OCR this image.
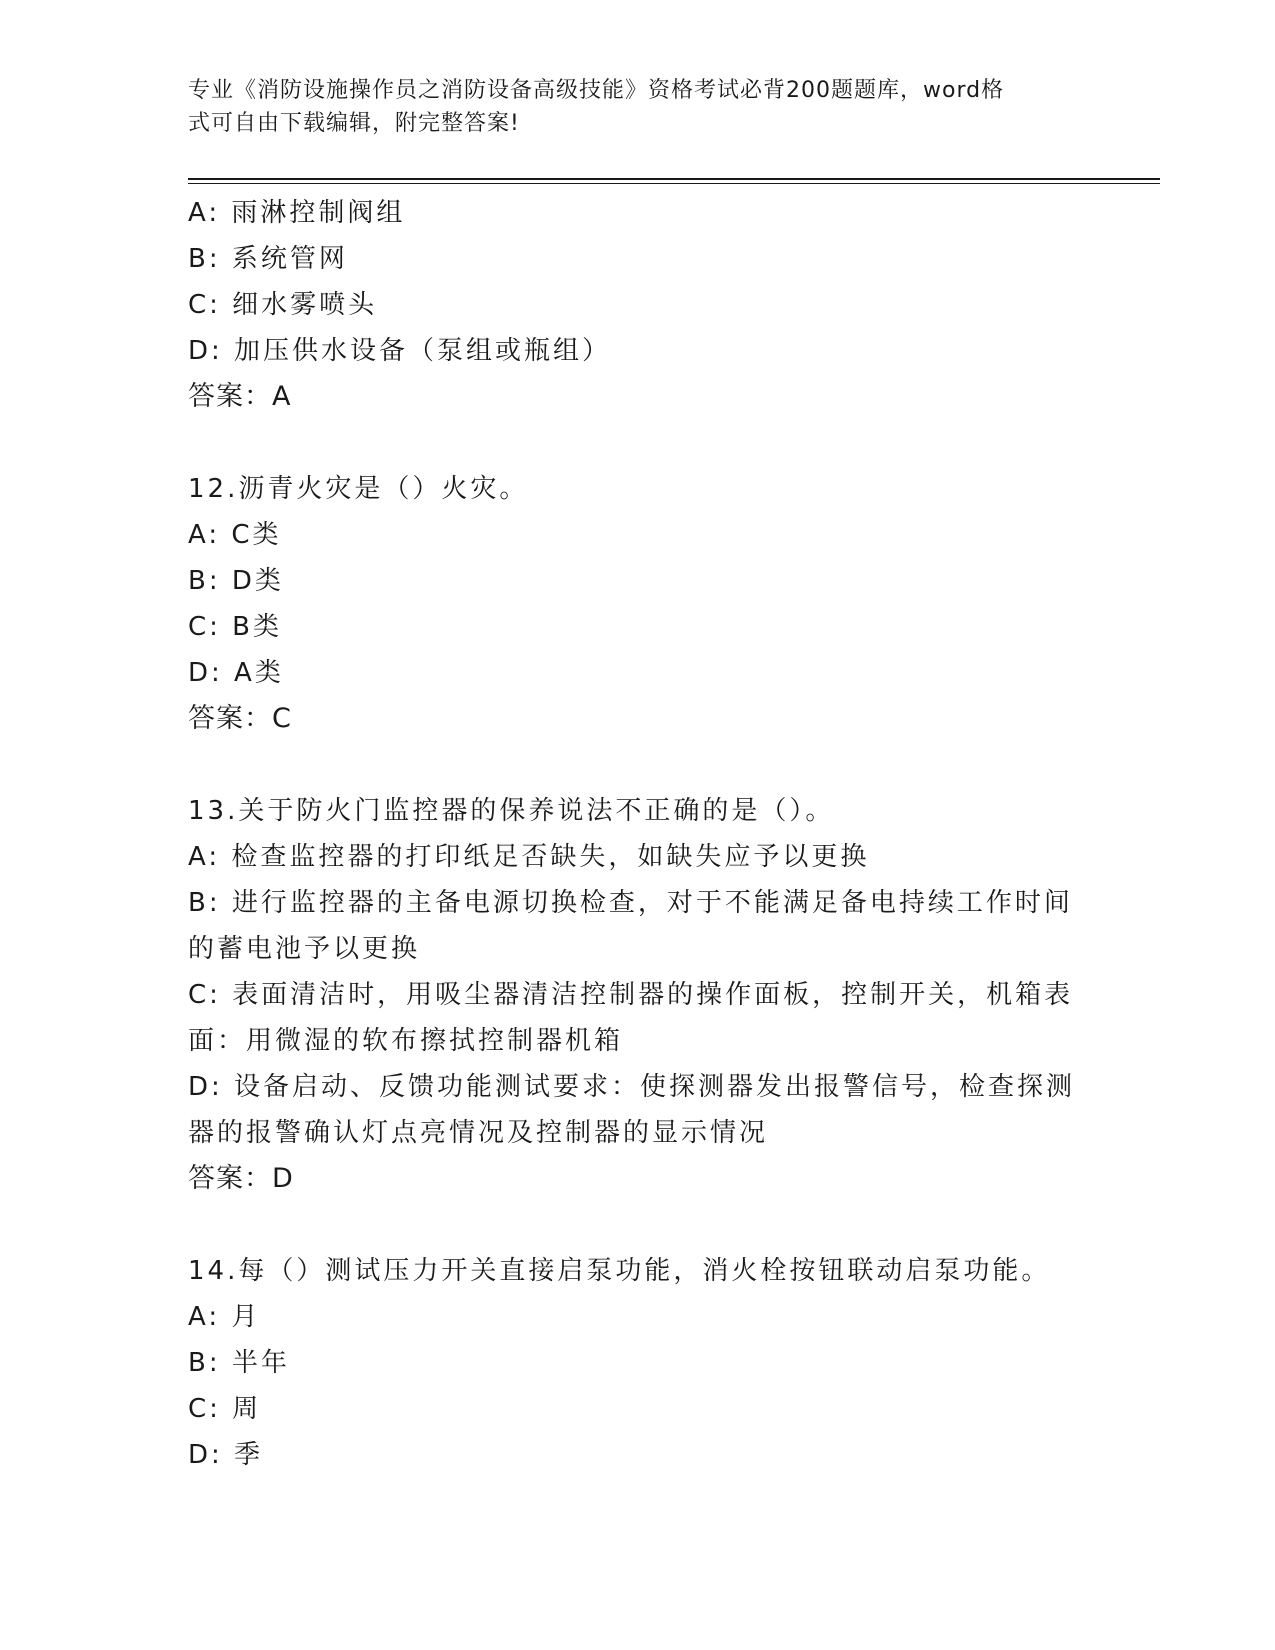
专业《消防设施操作员之消防设备高级技能》资格考试必背200题题库，word格
式可自由下载编辑，附完整答案!
A: 雨淋控制阀组
B: 系统管网
C: 细水雾喷头
D: 加压供水设备（泵组或瓶组）
答案：A
12.沥青火灾是（）火灾。
A: C类
B: D类
C: B类
D: A类
答案：C
13.关于防火门监控器的保养说法不正确的是（）。
A: 检查监控器的打印纸足否缺失，如缺失应予以更换
B: 进行监控器的主备电源切换检查，对于不能满足备电持续工作时间的蓄电池予以更换
C: 表面清洁时，用吸尘器清洁控制器的操作面板，控制开关，机箱表面：用微湿的软布擦拭控制器机箱
D: 设备启动、反馈功能测试要求：使探测器发出报警信号，检查探测器的报警确认灯点亮情况及控制器的显示情况
答案：D
14.每（）测试压力开关直接启泵功能，消火栓按钮联动启泵功能。
A: 月
B: 半年
C: 周
D: 季
